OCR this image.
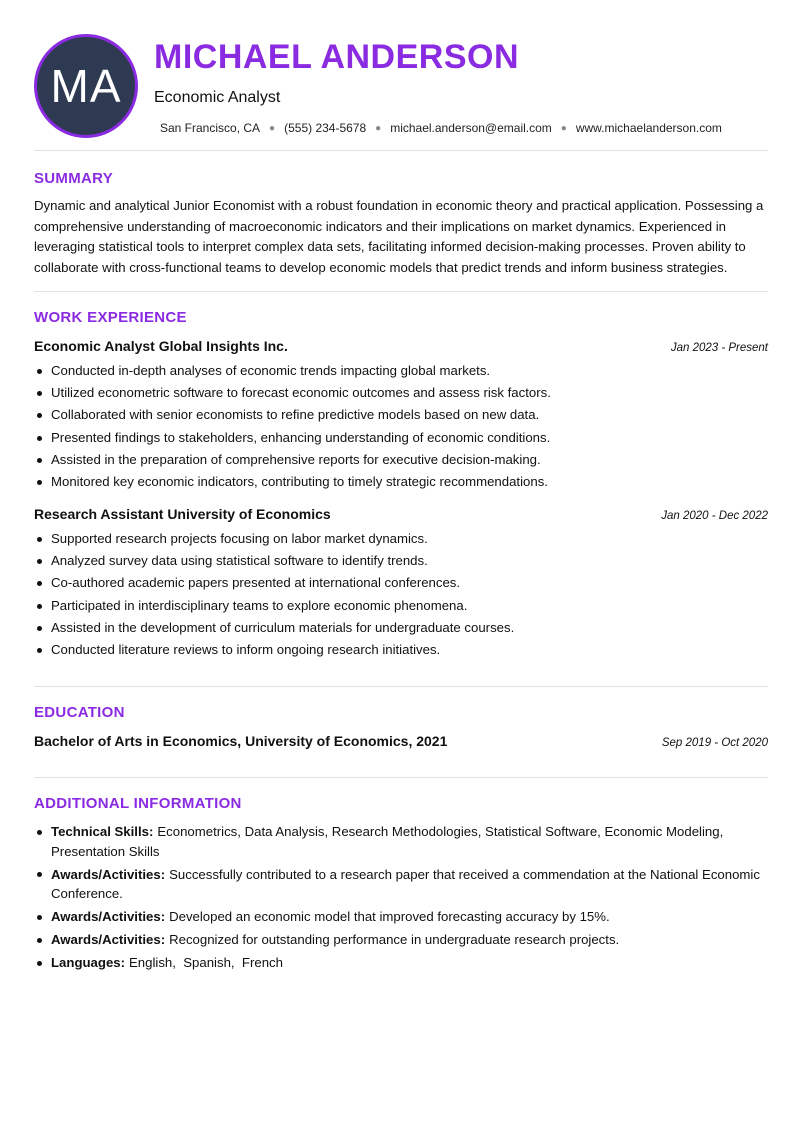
MA
MICHAEL ANDERSON
Economic Analyst
San Francisco, CA ● (555) 234-5678 ● michael.anderson@email.com ● www.michaelanderson.com
SUMMARY
Dynamic and analytical Junior Economist with a robust foundation in economic theory and practical application. Possessing a comprehensive understanding of macroeconomic indicators and their implications on market dynamics. Experienced in leveraging statistical tools to interpret complex data sets, facilitating informed decision-making processes. Proven ability to collaborate with cross-functional teams to develop economic models that predict trends and inform business strategies.
WORK EXPERIENCE
Economic Analyst Global Insights Inc.	Jan 2023 - Present
Conducted in-depth analyses of economic trends impacting global markets.
Utilized econometric software to forecast economic outcomes and assess risk factors.
Collaborated with senior economists to refine predictive models based on new data.
Presented findings to stakeholders, enhancing understanding of economic conditions.
Assisted in the preparation of comprehensive reports for executive decision-making.
Monitored key economic indicators, contributing to timely strategic recommendations.
Research Assistant University of Economics	Jan 2020 - Dec 2022
Supported research projects focusing on labor market dynamics.
Analyzed survey data using statistical software to identify trends.
Co-authored academic papers presented at international conferences.
Participated in interdisciplinary teams to explore economic phenomena.
Assisted in the development of curriculum materials for undergraduate courses.
Conducted literature reviews to inform ongoing research initiatives.
EDUCATION
Bachelor of Arts in Economics, University of Economics, 2021	Sep 2019 - Oct 2020
ADDITIONAL INFORMATION
Technical Skills: Econometrics, Data Analysis, Research Methodologies, Statistical Software, Economic Modeling, Presentation Skills
Awards/Activities: Successfully contributed to a research paper that received a commendation at the National Economic Conference.
Awards/Activities: Developed an economic model that improved forecasting accuracy by 15%.
Awards/Activities: Recognized for outstanding performance in undergraduate research projects.
Languages: English,  Spanish,  French
